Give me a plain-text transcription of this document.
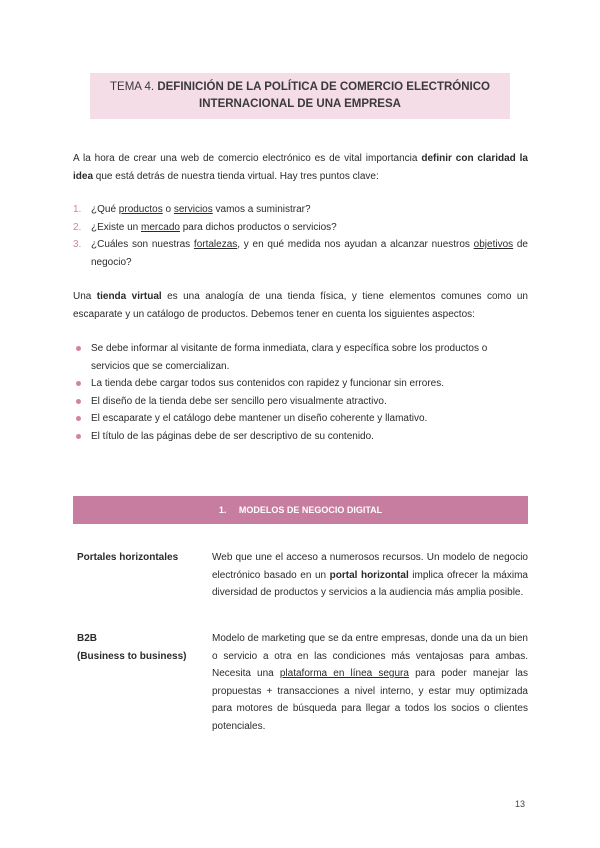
TEMA 4. DEFINICIÓN DE LA POLÍTICA DE COMERCIO ELECTRÓNICO
INTERNACIONAL DE UNA EMPRESA

A la hora de crear una web de comercio electrónico es de vital importancia definir con claridad la idea que está detrás de nuestra tienda virtual. Hay tres puntos clave:

1. ¿Qué productos o servicios vamos a suministrar?
2. ¿Existe un mercado para dichos productos o servicios?
3. ¿Cuáles son nuestras fortalezas, y en qué medida nos ayudan a alcanzar nuestros objetivos de negocio?

Una tienda virtual es una analogía de una tienda física, y tiene elementos comunes como un escaparate y un catálogo de productos. Debemos tener en cuenta los siguientes aspectos:

Se debe informar al visitante de forma inmediata, clara y específica sobre los productos o servicios que se comercializan.
La tienda debe cargar todos sus contenidos con rapidez y funcionar sin errores.
El diseño de la tienda debe ser sencillo pero visualmente atractivo.
El escaparate y el catálogo debe mantener un diseño coherente y llamativo.
El título de las páginas debe de ser descriptivo de su contenido.
1.     MODELOS DE NEGOCIO DIGITAL
Portales horizontales	Web que une el acceso a numerosos recursos. Un modelo de negocio electrónico basado en un portal horizontal implica ofrecer la máxima diversidad de productos y servicios a la audiencia más amplia posible.
B2B
(Business to business)
Modelo de marketing que se da entre empresas, donde una da un bien o servicio a otra en las condiciones más ventajosas para ambas. Necesita una plataforma en línea segura para poder manejar las propuestas + transacciones a nivel interno, y estar muy optimizada para motores de búsqueda para llegar a todos los socios o clientes potenciales.
13
